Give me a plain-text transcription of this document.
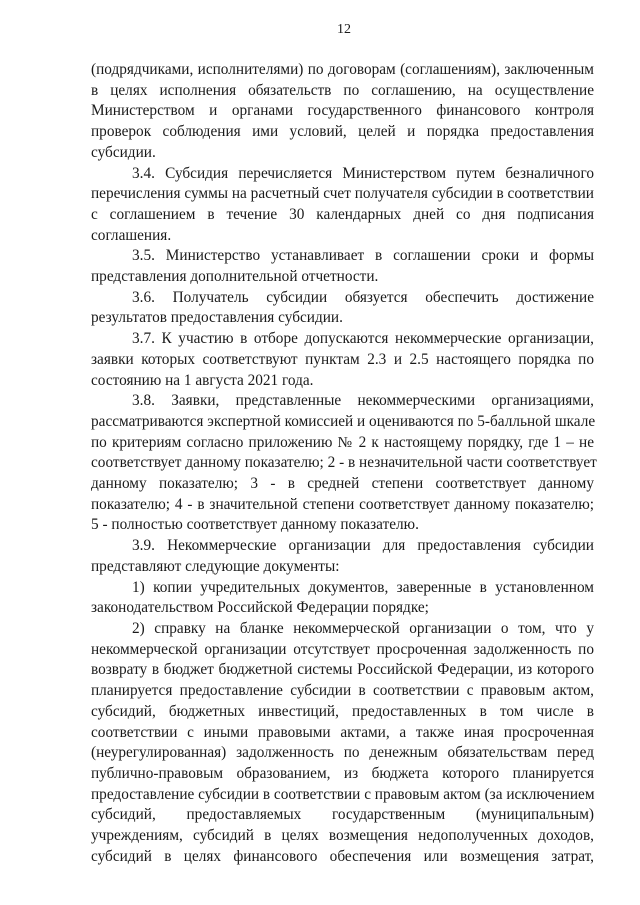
12

(подрядчиками, исполнителями) по договорам (соглашениям), заключенным
в целях исполнения обязательств по соглашению, на осуществление
Министерством и органами государственного финансового контроля
проверок соблюдения ими условий, целей и порядка предоставления
субсидии.

3.4. Субсидия перечисляется Министерством путем безналичного
перечисления суммы на расчетный счет получателя субсидии в соответствии
с соглашением в течение 30 календарных дней со дня подписания
соглашения.

3.5. Министерство устанавливает в соглашении сроки и формы
представления дополнительной отчетности.

3.6. Получатель субсидии обязуется обеспечить достижение
результатов предоставления субсидии.

3.7. К участию в отборе допускаются некоммерческие организации,
заявки которых соответствуют пунктам 2.3 и 2.5 настоящего порядка по
состоянию на 1 августа 2021 года.

3.8. Заявки, представленные некоммерческими организациями,
рассматриваются экспертной комиссией и оцениваются по 5-балльной шкале
по критериям согласно приложению № 2 к настоящему порядку, где 1 – не
соответствует данному показателю; 2 - в незначительной части соответствует
данному показателю; 3 - в средней степени соответствует данному
показателю; 4 - в значительной степени соответствует данному показателю;
5 - полностью соответствует данному показателю.

3.9. Некоммерческие организации для предоставления субсидии
представляют следующие документы:

1) копии учредительных документов, заверенные в установленном
законодательством Российской Федерации порядке;

2) справку на бланке некоммерческой организации о том, что у
некоммерческой организации отсутствует просроченная задолженность по
возврату в бюджет бюджетной системы Российской Федерации, из которого
планируется предоставление субсидии в соответствии с правовым актом,
субсидий, бюджетных инвестиций, предоставленных в том числе в
соответствии с иными правовыми актами, а также иная просроченная
(неурегулированная) задолженность по денежным обязательствам перед
публично-правовым образованием, из бюджета которого планируется
предоставление субсидии в соответствии с правовым актом (за исключением
субсидий, предоставляемых государственным (муниципальным)
учреждениям, субсидий в целях возмещения недополученных доходов,
субсидий в целях финансового обеспечения или возмещения затрат,
